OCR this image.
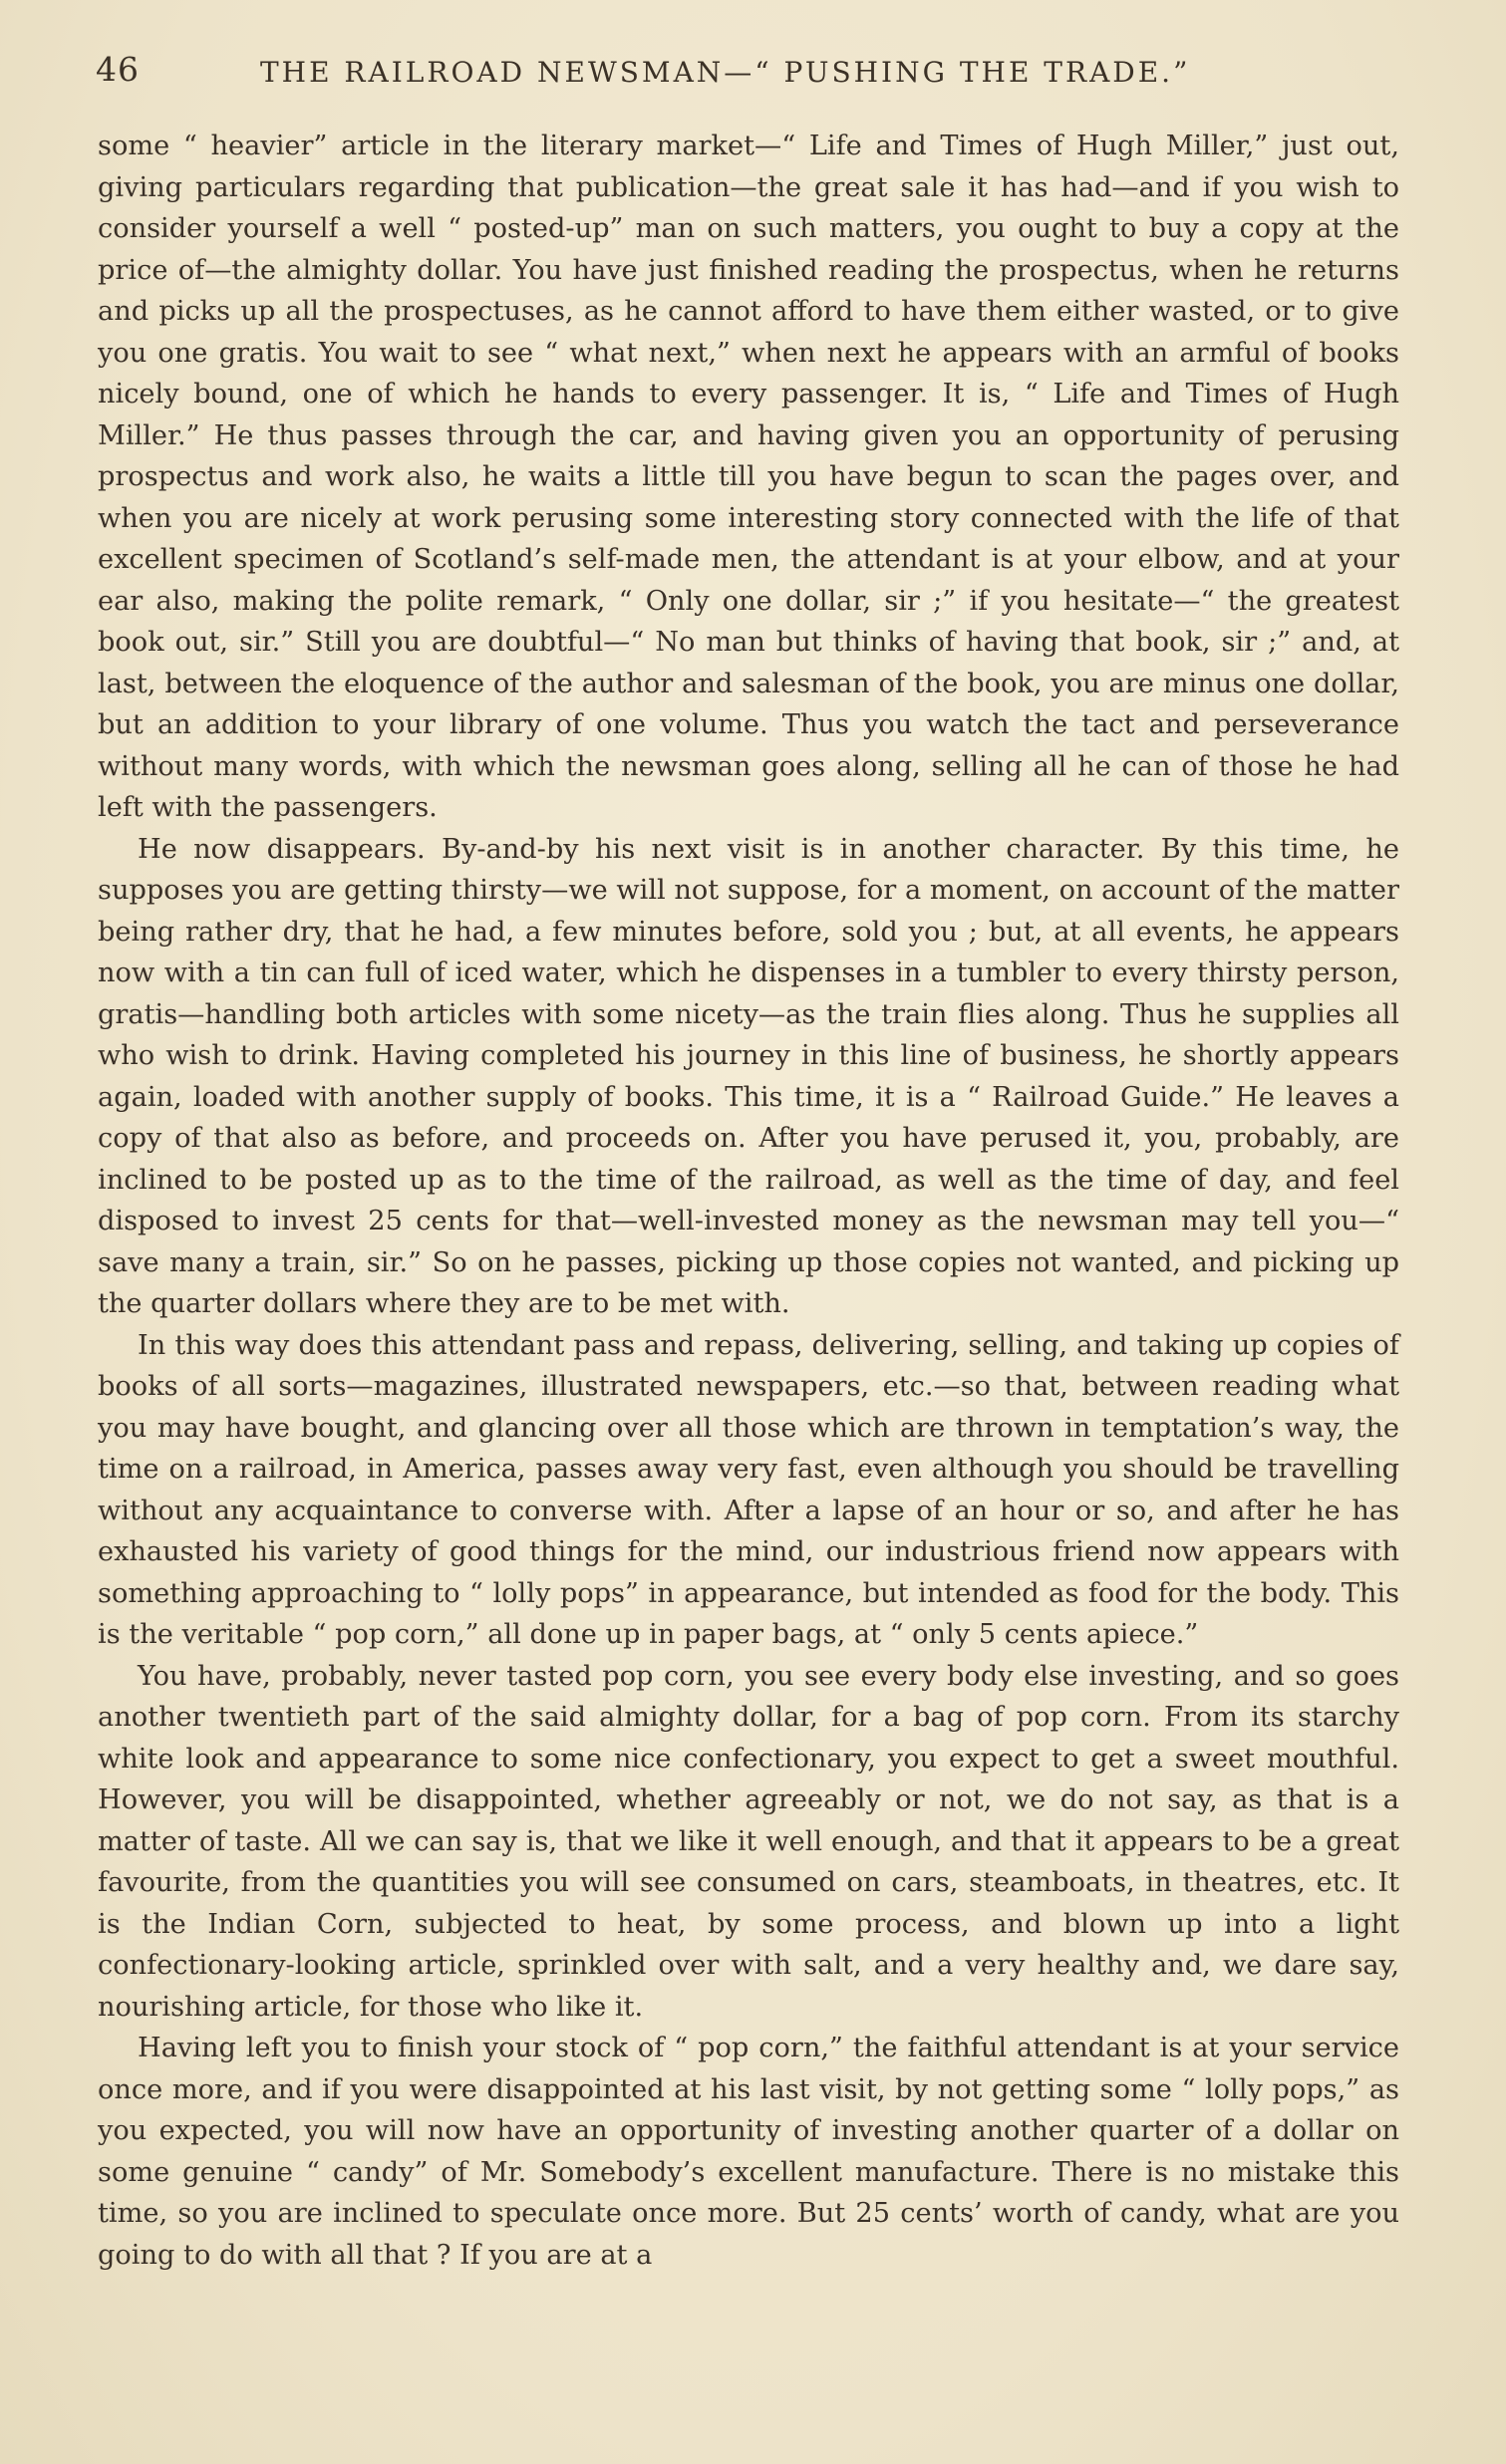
46	THE RAILROAD NEWSMAN—“ PUSHING THE TRADE.”

some “ heavier” article in the literary market—“ Life and Times of Hugh Miller,” just out, giving particulars regarding that publication—the great sale it has had—and if you wish to consider yourself a well “ posted-up” man on such matters, you ought to buy a copy at the price of—the almighty dollar. You have just finished reading the prospectus, when he returns and picks up all the prospectuses, as he cannot afford to have them either wasted, or to give you one gratis. You wait to see “ what next,” when next he appears with an armful of books nicely bound, one of which he hands to every passenger. It is, “ Life and Times of Hugh Miller.” He thus passes through the car, and having given you an opportunity of perusing prospectus and work also, he waits a little till you have begun to scan the pages over, and when you are nicely at work perusing some interesting story connected with the life of that excellent specimen of Scotland’s self-made men, the attendant is at your elbow, and at your ear also, making the polite remark, “ Only one dollar, sir ;” if you hesitate—“ the greatest book out, sir.” Still you are doubtful—“ No man but thinks of having that book, sir ;” and, at last, between the eloquence of the author and salesman of the book, you are minus one dollar, but an addition to your library of one volume. Thus you watch the tact and perseverance without many words, with which the newsman goes along, selling all he can of those he had left with the passengers.

He now disappears. By-and-by his next visit is in another character. By this time, he supposes you are getting thirsty—we will not suppose, for a moment, on account of the matter being rather dry, that he had, a few minutes before, sold you ; but, at all events, he appears now with a tin can full of iced water, which he dispenses in a tumbler to every thirsty person, gratis—handling both articles with some nicety—as the train flies along. Thus he supplies all who wish to drink. Having completed his journey in this line of business, he shortly appears again, loaded with another supply of books. This time, it is a “ Railroad Guide.” He leaves a copy of that also as before, and proceeds on. After you have perused it, you, probably, are inclined to be posted up as to the time of the railroad, as well as the time of day, and feel disposed to invest 25 cents for that—well-invested money as the newsman may tell you—“ save many a train, sir.” So on he passes, picking up those copies not wanted, and picking up the quarter dollars where they are to be met with.

In this way does this attendant pass and repass, delivering, selling, and taking up copies of books of all sorts—magazines, illustrated newspapers, etc.—so that, between reading what you may have bought, and glancing over all those which are thrown in temptation’s way, the time on a railroad, in America, passes away very fast, even although you should be travelling without any acquaintance to converse with. After a lapse of an hour or so, and after he has exhausted his variety of good things for the mind, our industrious friend now appears with something approaching to “ lolly pops” in appearance, but intended as food for the body. This is the veritable “ pop corn,” all done up in paper bags, at “ only 5 cents apiece.”

You have, probably, never tasted pop corn, you see every body else investing, and so goes another twentieth part of the said almighty dollar, for a bag of pop corn. From its starchy white look and appearance to some nice confectionary, you expect to get a sweet mouthful. However, you will be disappointed, whether agreeably or not, we do not say, as that is a matter of taste. All we can say is, that we like it well enough, and that it appears to be a great favourite, from the quantities you will see consumed on cars, steamboats, in theatres, etc. It is the Indian Corn, subjected to heat, by some process, and blown up into a light confectionary-looking article, sprinkled over with salt, and a very healthy and, we dare say, nourishing article, for those who like it.

Having left you to finish your stock of “ pop corn,” the faithful attendant is at your service once more, and if you were disappointed at his last visit, by not getting some “ lolly pops,” as you expected, you will now have an opportunity of investing another quarter of a dollar on some genuine “ candy” of Mr. Somebody’s excellent manufacture. There is no mistake this time, so you are inclined to speculate once more. But 25 cents’ worth of candy, what are you going to do with all that ? If you are at a
